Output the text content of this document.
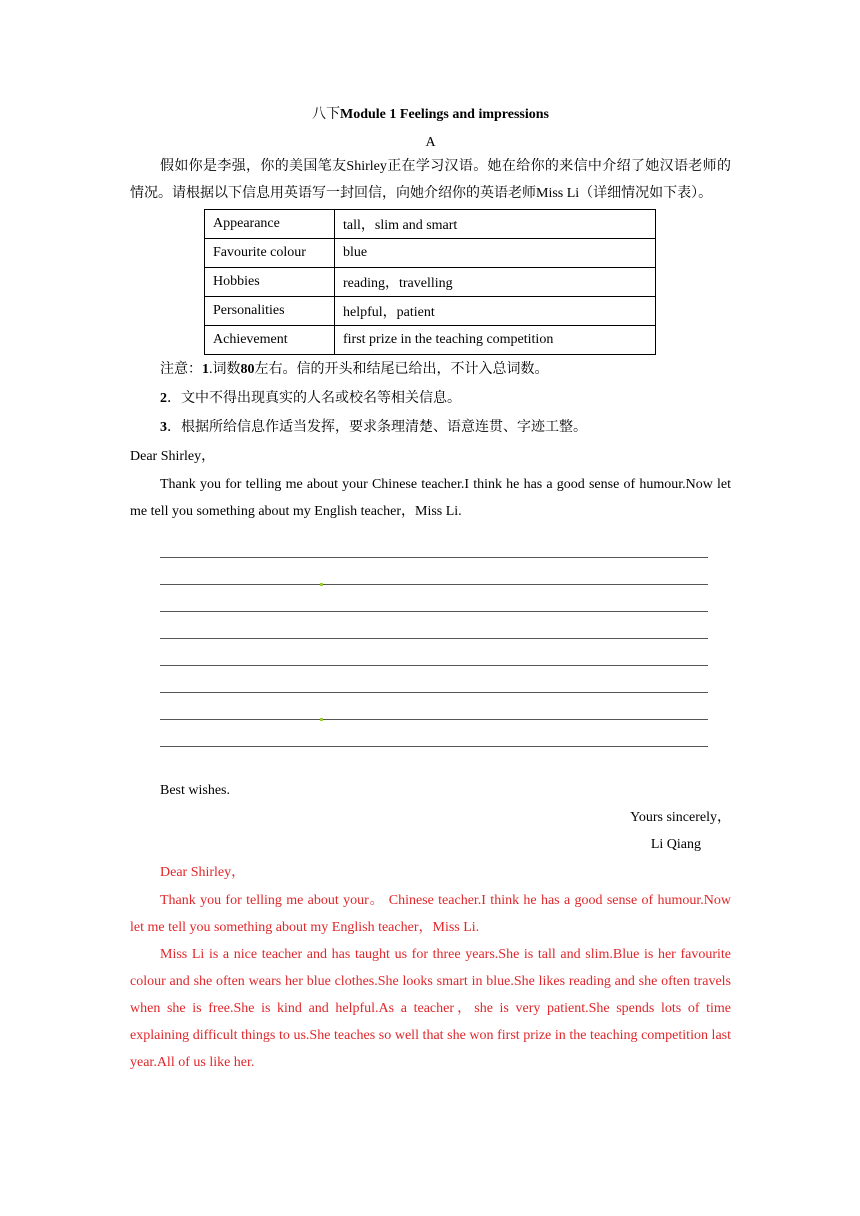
八下Module 1 Feelings and impressions
A

假如你是李强，你的美国笔友Shirley正在学习汉语。她在给你的来信中介绍了她汉语老师的情况。请根据以下信息用英语写一封回信，向她介绍你的英语老师Miss Li（详细情况如下表）。

Appearance	tall，slim and smart
Favourite colour	blue
Hobbies	reading，travelling
Personalities	helpful，patient
Achievement	first prize in the teaching competition

注意：1.词数80左右。信的开头和结尾已给出，不计入总词数。

2．文中不得出现真实的人名或校名等相关信息。

3．根据所给信息作适当发挥，要求条理清楚、语意连贯、字迹工整。

Dear Shirley，

Thank you for telling me about your Chinese teacher.I think he has a good sense of humour.Now let me tell you something about my English teacher，Miss Li.

Best wishes.

Yours sincerely，
Li Qiang

Dear Shirley，

Thank you for telling me about your。 Chinese teacher.I think he has a good sense of humour.Now let me tell you something about my English teacher，Miss Li.

Miss Li is a nice teacher and has taught us for three years.She is tall and slim.Blue is her favourite colour and she often wears her blue clothes.She looks smart in blue.She likes reading and she often travels when she is free.She is kind and helpful.As a teacher，she is very patient.She spends lots of time explaining difficult things to us.She teaches so well that she won first prize in the teaching competition last year.All of us like her.
